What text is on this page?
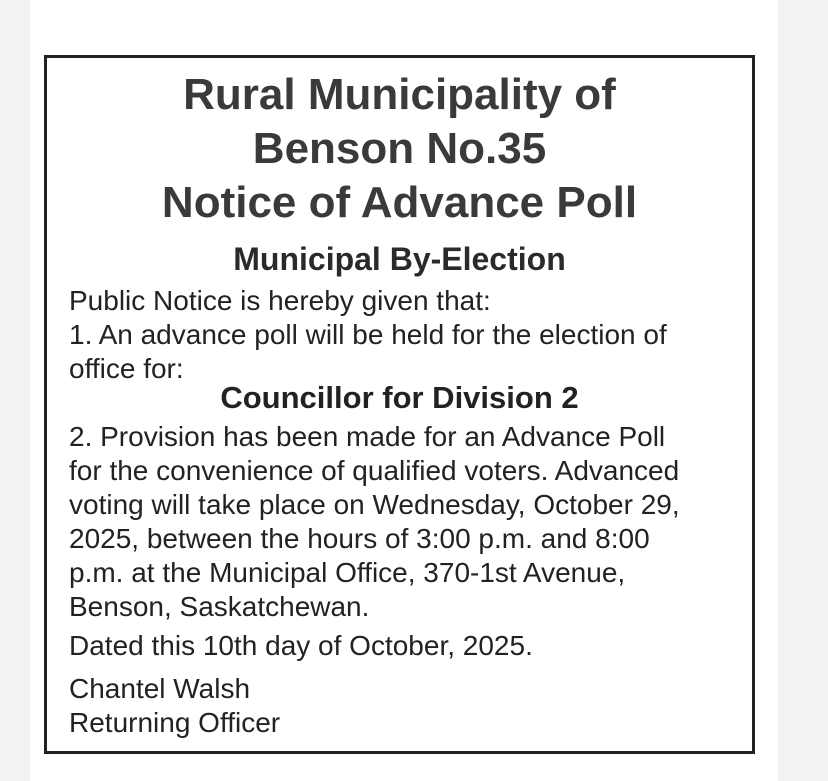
Rural Municipality of
Benson No.35
Notice of Advance Poll
Municipal By-Election
Public Notice is hereby given that:
1. An advance poll will be held for the election of
office for:
Councillor for Division 2
2. Provision has been made for an Advance Poll
for the convenience of qualified voters. Advanced
voting will take place on Wednesday, October 29,
2025, between the hours of 3:00 p.m. and 8:00
p.m. at the Municipal Office, 370-1st Avenue,
Benson, Saskatchewan.
Dated this 10th day of October, 2025.
Chantel Walsh
Returning Officer
